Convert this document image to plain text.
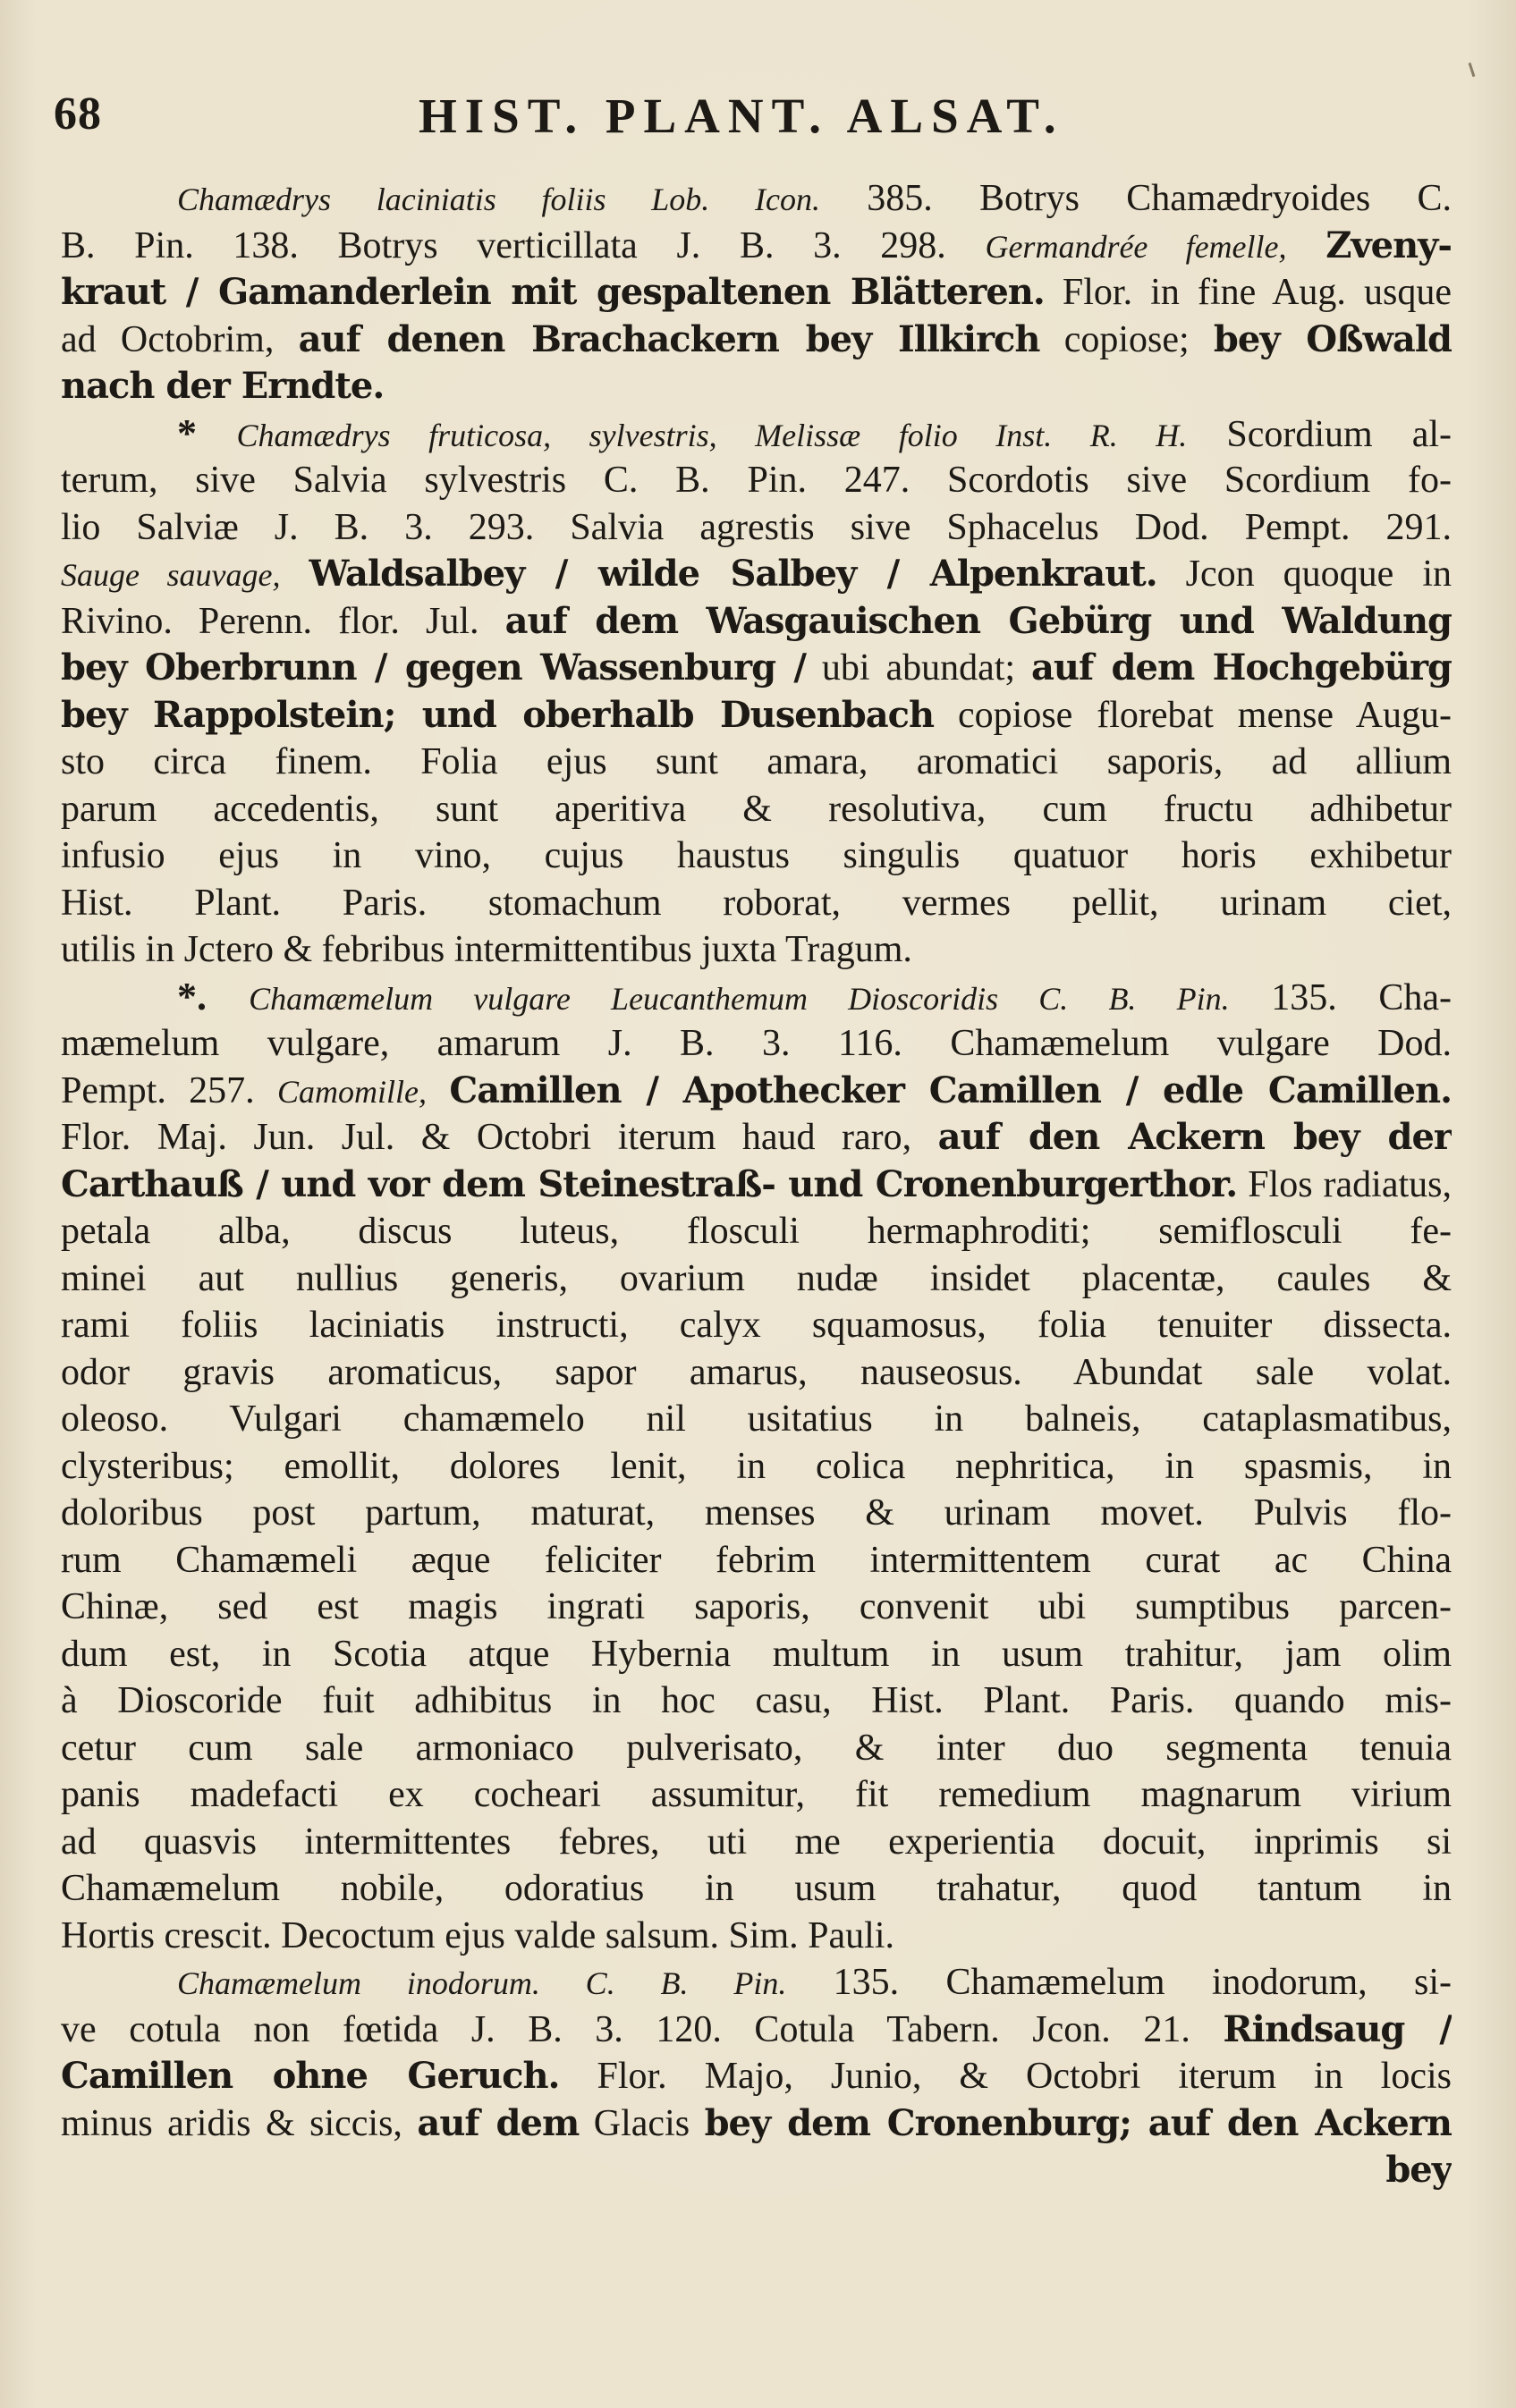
68	HIST. PLANT. ALSAT.
Chamædrys laciniatis foliis Lob. Icon. 385. Botrys Chamædryoides C.
B. Pin. 138. Botrys verticillata J. B. 3. 298. Germandrée femelle, Zveny-
kraut / Gamanderlein mit gespaltenen Blätteren. Flor. in fine Aug. usque
ad Octobrim, auf denen Brachackern bey Illkirch copiose; bey Oßwald
nach der Erndte.
* Chamædrys fruticosa, sylvestris, Melissæ folio Inst. R. H. Scordium al-
terum, sive Salvia sylvestris C. B. Pin. 247. Scordotis sive Scordium fo-
lio Salviæ J. B. 3. 293. Salvia agrestis sive Sphacelus Dod. Pempt. 291.
Sauge sauvage, Waldsalbey / wilde Salbey / Alpenkraut. Jcon quoque in
Rivino. Perenn. flor. Jul. auf dem Wasgauischen Gebürg und Waldung
bey Oberbrunn / gegen Wassenburg / ubi abundat; auf dem Hochgebürg
bey Rappolstein; und oberhalb Dusenbach copiose florebat mense Augu-
sto circa finem. Folia ejus sunt amara, aromatici saporis, ad allium
parum accedentis, sunt aperitiva & resolutiva, cum fructu adhibetur
infusio ejus in vino, cujus haustus singulis quatuor horis exhibetur
Hist. Plant. Paris. stomachum roborat, vermes pellit, urinam ciet,
utilis in Jctero & febribus intermittentibus juxta Tragum.
*. Chamæmelum vulgare Leucanthemum Dioscoridis C. B. Pin. 135. Cha-
mæmelum vulgare, amarum J. B. 3. 116. Chamæmelum vulgare Dod.
Pempt. 257. Camomille, Camillen / Apothecker Camillen / edle Camillen.
Flor. Maj. Jun. Jul. & Octobri iterum haud raro, auf den Ackern bey der
Carthauß / und vor dem Steinestraß- und Cronenburgerthor. Flos radiatus,
petala alba, discus luteus, flosculi hermaphroditi; semiflosculi fe-
minei aut nullius generis, ovarium nudæ insidet placentæ, caules &
rami foliis laciniatis instructi, calyx squamosus, folia tenuiter dissecta.
odor gravis aromaticus, sapor amarus, nauseosus. Abundat sale volat.
oleoso. Vulgari chamæmelo nil usitatius in balneis, cataplasmatibus,
clysteribus; emollit, dolores lenit, in colica nephritica, in spasmis, in
doloribus post partum, maturat, menses & urinam movet. Pulvis flo-
rum Chamæmeli æque feliciter febrim intermittentem curat ac China
Chinæ, sed est magis ingrati saporis, convenit ubi sumptibus parcen-
dum est, in Scotia atque Hybernia multum in usum trahitur, jam olim
à Dioscoride fuit adhibitus in hoc casu, Hist. Plant. Paris. quando mis-
cetur cum sale armoniaco pulverisato, & inter duo segmenta tenuia
panis madefacti ex cocheari assumitur, fit remedium magnarum virium
ad quasvis intermittentes febres, uti me experientia docuit, inprimis si
Chamæmelum nobile, odoratius in usum trahatur, quod tantum in
Hortis crescit. Decoctum ejus valde salsum. Sim. Pauli.
Chamæmelum inodorum. C. B. Pin. 135. Chamæmelum inodorum, si-
ve cotula non fœtida J. B. 3. 120. Cotula Tabern. Jcon. 21. Rindsaug /
Camillen ohne Geruch. Flor. Majo, Junio, & Octobri iterum in locis
minus aridis & siccis, auf dem Glacis bey dem Cronenburg; auf den Ackern
bey
